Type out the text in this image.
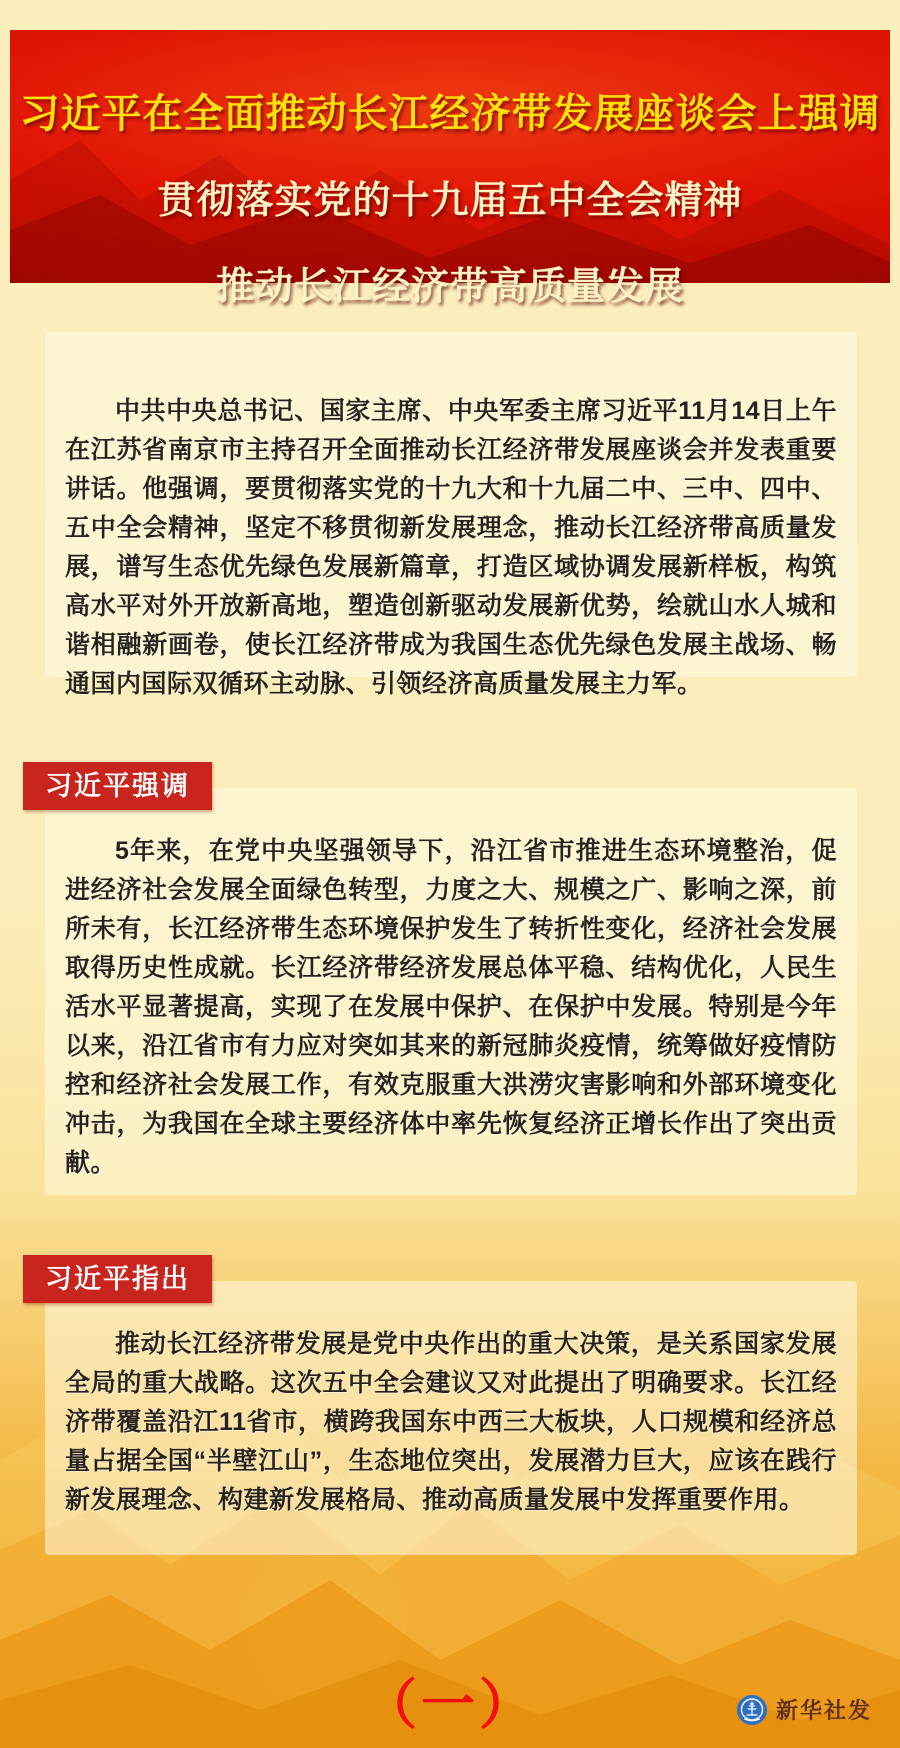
习近平在全面推动长江经济带发展座谈会上强调
贯彻落实党的十九届五中全会精神
推动长江经济带高质量发展

中共中央总书记、国家主席、中央军委主席习近平11月14日上午在江苏省南京市主持召开全面推动长江经济带发展座谈会并发表重要讲话。他强调，要贯彻落实党的十九大和十九届二中、三中、四中、五中全会精神，坚定不移贯彻新发展理念，推动长江经济带高质量发展，谱写生态优先绿色发展新篇章，打造区域协调发展新样板，构筑高水平对外开放新高地，塑造创新驱动发展新优势，绘就山水人城和谐相融新画卷，使长江经济带成为我国生态优先绿色发展主战场、畅通国内国际双循环主动脉、引领经济高质量发展主力军。

习近平强调

5年来，在党中央坚强领导下，沿江省市推进生态环境整治，促进经济社会发展全面绿色转型，力度之大、规模之广、影响之深，前所未有，长江经济带生态环境保护发生了转折性变化，经济社会发展取得历史性成就。长江经济带经济发展总体平稳、结构优化，人民生活水平显著提高，实现了在发展中保护、在保护中发展。特别是今年以来，沿江省市有力应对突如其来的新冠肺炎疫情，统筹做好疫情防控和经济社会发展工作，有效克服重大洪涝灾害影响和外部环境变化冲击，为我国在全球主要经济体中率先恢复经济正增长作出了突出贡献。

习近平指出

推动长江经济带发展是党中央作出的重大决策，是关系国家发展全局的重大战略。这次五中全会建议又对此提出了明确要求。长江经济带覆盖沿江11省市，横跨我国东中西三大板块，人口规模和经济总量占据全国“半壁江山”，生态地位突出，发展潜力巨大，应该在践行新发展理念、构建新发展格局、推动高质量发展中发挥重要作用。

（一）	新华社发
